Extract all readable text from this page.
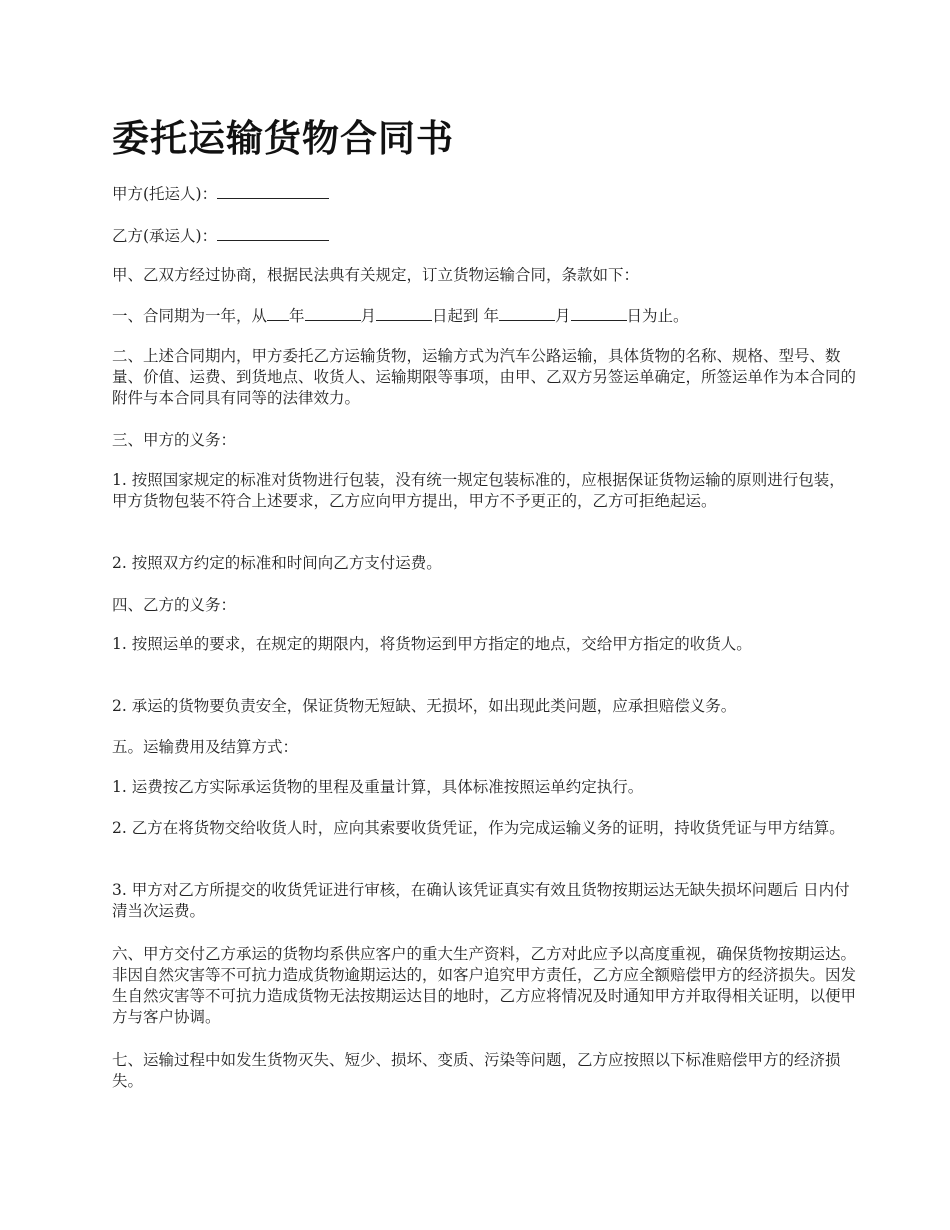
委托运输货物合同书

甲方(托运人)：

乙方(承运人)：

甲、乙双方经过协商，根据民法典有关规定，订立货物运输合同，条款如下：

一、合同期为一年，从 年	月	日起到 年	月	日为止。

二、上述合同期内，甲方委托乙方运输货物，运输方式为汽车公路运输，具体货物的名称、规格、型号、数量、价值、运费、到货地点、收货人、运输期限等事项，由甲、乙双方另签运单确定，所签运单作为本合同的附件与本合同具有同等的法律效力。

三、甲方的义务：

1. 按照国家规定的标准对货物进行包装，没有统一规定包装标准的，应根据保证货物运输的原则进行包装，甲方货物包装不符合上述要求，乙方应向甲方提出，甲方不予更正的，乙方可拒绝起运。

2. 按照双方约定的标准和时间向乙方支付运费。

四、乙方的义务：

1. 按照运单的要求，在规定的期限内，将货物运到甲方指定的地点，交给甲方指定的收货人。

2. 承运的货物要负责安全，保证货物无短缺、无损坏，如出现此类问题，应承担赔偿义务。

五。运输费用及结算方式：

1. 运费按乙方实际承运货物的里程及重量计算，具体标准按照运单约定执行。

2. 乙方在将货物交给收货人时，应向其索要收货凭证，作为完成运输义务的证明，持收货凭证与甲方结算。

3. 甲方对乙方所提交的收货凭证进行审核，在确认该凭证真实有效且货物按期运达无缺失损坏问题后 日内付清当次运费。

六、甲方交付乙方承运的货物均系供应客户的重大生产资料，乙方对此应予以高度重视，确保货物按期运达。非因自然灾害等不可抗力造成货物逾期运达的，如客户追究甲方责任，乙方应全额赔偿甲方的经济损失。因发生自然灾害等不可抗力造成货物无法按期运达目的地时，乙方应将情况及时通知甲方并取得相关证明，以便甲方与客户协调。

七、运输过程中如发生货物灭失、短少、损坏、变质、污染等问题，乙方应按照以下标准赔偿甲方的经济损失。
